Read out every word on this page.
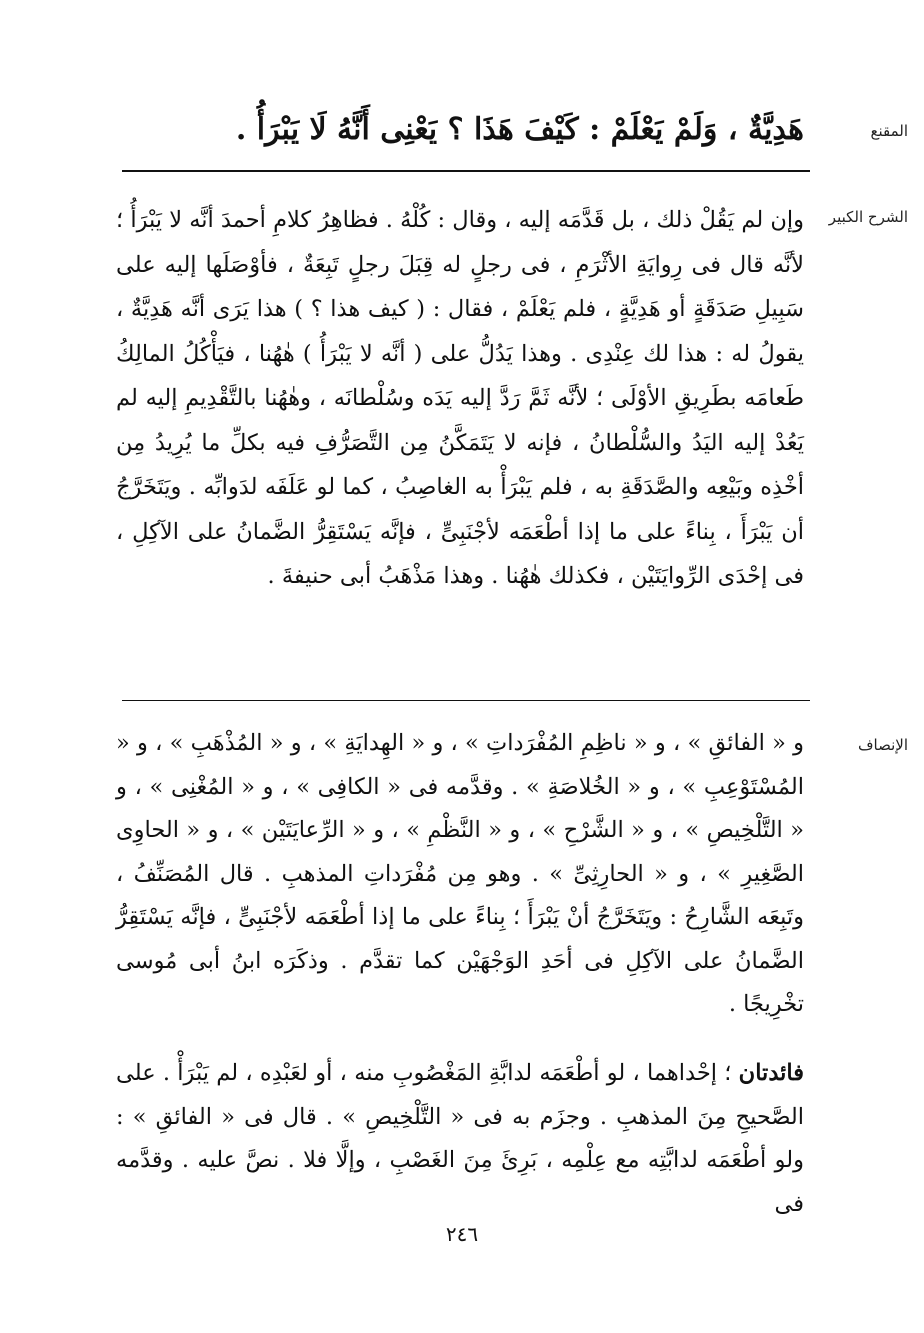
المقنع
هَدِيَّةٌ ، وَلَمْ يَعْلَمْ : كَيْفَ هَذَا ؟ يَعْنِى أَنَّهُ لَا يَبْرَأُ .
الشرح الكبير
وإن لم يَقُلْ ذلك ، بل قَدَّمَه إليه ، وقال : كُلْهُ . فظاهِرُ كلامِ أحمدَ أنَّه لا يَبْرَأُ ؛ لأنَّه قال فى رِوايَةِ الأثْرَمِ ، فى رجلٍ له قِبَلَ رجلٍ تَبِعَةٌ ، فأوْصَلَها إليه على سَبِيلِ صَدَقَةٍ أو هَدِيَّةٍ ، فلم يَعْلَمْ ، فقال : ( كيف هذا ؟ ) هذا يَرَى أنَّه هَدِيَّةٌ ، يقولُ له : هذا لك عِنْدِى . وهذا يَدُلُّ على ( أنَّه لا يَبْرَأُ ) هٰهُنا ، فيَأْكُلُ المالِكُ طَعامَه بطَرِيقِ الأوْلَى ؛ لأنَّه ثَمَّ رَدَّ إليه يَدَه وسُلْطانَه ، وهٰهُنا بالتَّقْدِيمِ إليه لم يَعُدْ إليه اليَدُ والسُّلْطانُ ، فإنه لا يَتَمَكَّنُ مِن التَّصَرُّفِ فيه بكلِّ ما يُرِيدُ مِن أخْذِه وبَيْعِه والصَّدَقَةِ به ، فلم يَبْرَأْ به الغاصِبُ ، كما لو عَلَفَه لدَوابِّه . ويَتَخَرَّجُ أن يَبْرَأَ ، بِناءً على ما إذا أطْعَمَه لأجْنَبِىٍّ ، فإنَّه يَسْتَقِرُّ الضَّمانُ على الآكِلِ ، فى إحْدَى الرِّوايَتَيْن ، فكذلك هٰهُنا . وهذا مَذْهَبُ أبى حنيفةَ .
الإنصاف
و « الفائقِ » ، و « ناظِمِ المُفْرَداتِ » ، و « الهِدايَةِ » ، و « المُذْهَبِ » ، و « المُسْتَوْعِبِ » ، و « الخُلاصَةِ » . وقدَّمه فى « الكافِى » ، و « المُغْنِى » ، و « التَّلْخِيصِ » ، و « الشَّرْحِ » ، و « النَّظْمِ » ، و « الرِّعايَتَيْن » ، و « الحاوِى الصَّغِيرِ » ، و « الحارِثِىِّ » . وهو مِن مُفْرَداتِ المذهبِ . قال المُصَنِّفُ ، وتَبِعَه الشَّارِحُ : ويَتَخَرَّجُ أنْ يَبْرَأَ ؛ بِناءً على ما إذا أطْعَمَه لأجْنَبِىٍّ ، فإنَّه يَسْتَقِرُّ الضَّمانُ على الآكِلِ فى أحَدِ الوَجْهَيْن كما تقدَّم . وذكَرَه ابنُ أبى مُوسى تخْرِيجًا .
فائدتان ؛ إحْداهما ، لو أطْعَمَه لدابَّةِ المَغْصُوبِ منه ، أو لعَبْدِه ، لم يَبْرَأْ . على الصَّحيحِ مِنَ المذهبِ . وجزَم به فى « التَّلْخِيصِ » . قال فى « الفائقِ » : ولو أطْعَمَه لدابَّتِه مع عِلْمِه ، بَرِئَ مِنَ الغَصْبِ ، وإلَّا فلا . نصَّ عليه . وقدَّمه فى
٢٤٦
